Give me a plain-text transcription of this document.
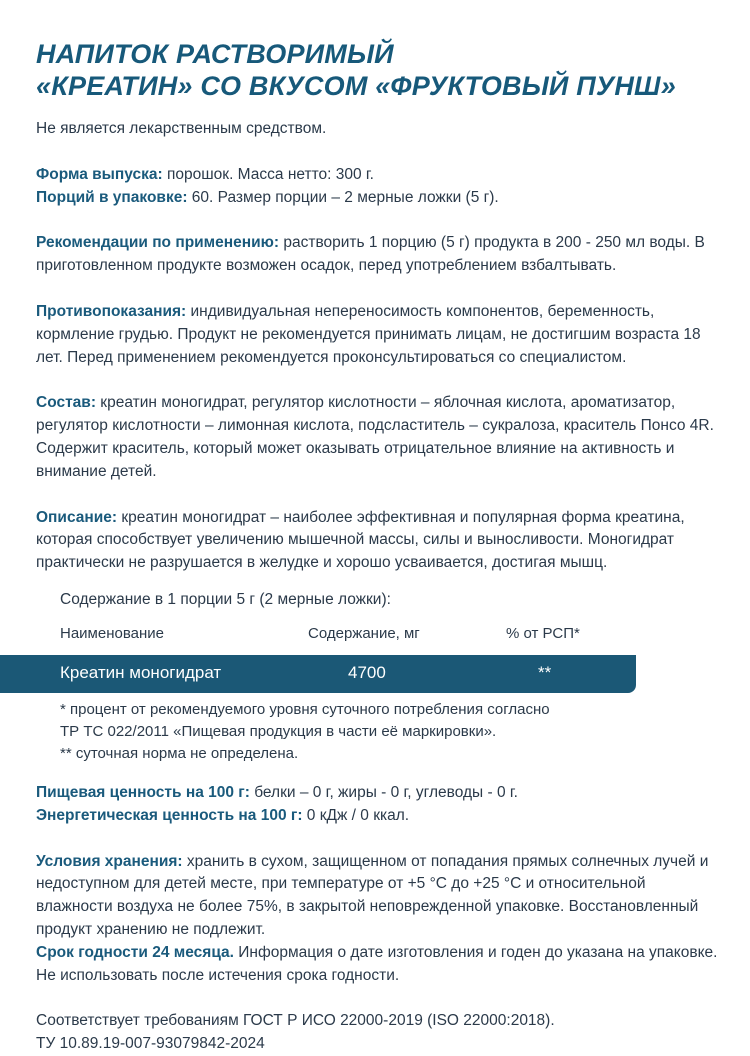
НАПИТОК РАСТВОРИМЫЙ
«КРЕАТИН» СО ВКУСОМ «ФРУКТОВЫЙ ПУНШ»

Не является лекарственным средством.

Форма выпуска: порошок. Масса нетто: 300 г.

Порций в упаковке: 60. Размер порции – 2 мерные ложки (5 г).

Рекомендации по применению: растворить 1 порцию (5 г) продукта в 200 - 250 мл воды. В приготовленном продукте возможен осадок, перед употреблением взбалтывать.

Противопоказания: индивидуальная непереносимость компонентов, беременность, кормление грудью. Продукт не рекомендуется принимать лицам, не достигшим возраста 18 лет. Перед применением рекомендуется проконсультироваться со специалистом.

Состав: креатин моногидрат, регулятор кислотности – яблочная кислота, ароматизатор, регулятор кислотности – лимонная кислота, подсластитель – сукралоза, краситель Понсо 4R. Содержит краситель, который может оказывать отрицательное влияние на активность и внимание детей.

Описание: креатин моногидрат – наиболее эффективная и популярная форма креатина, которая способствует увеличению мышечной массы, силы и выносливости. Моногидрат практически не разрушается в желудке и хорошо усваивается, достигая мышц.

Содержание в 1 порции 5 г (2 мерные ложки):

Наименование	Содержание, мг	% от РСП*
Креатин моногидрат	4700	**

* процент от рекомендуемого уровня суточного потребления согласно

ТР ТС 022/2011 «Пищевая продукция в части её маркировки».

** суточная норма не определена.

Пищевая ценность на 100 г: белки – 0 г, жиры - 0 г, углеводы - 0 г.

Энергетическая ценность на 100 г: 0 кДж / 0 ккал.

Условия хранения: хранить в сухом, защищенном от попадания прямых солнечных лучей и недоступном для детей месте, при температуре от +5 °С до +25 °С и относительной влажности воздуха не более 75%, в закрытой неповрежденной упаковке. Восстановленный продукт хранению не подлежит.

Срок годности 24 месяца. Информация о дате изготовления и годен до указана на упаковке. Не использовать после истечения срока годности.

Соответствует требованиям ГОСТ Р ИСО 22000-2019 (ISO 22000:2018).

ТУ 10.89.19-007-93079842-2024
